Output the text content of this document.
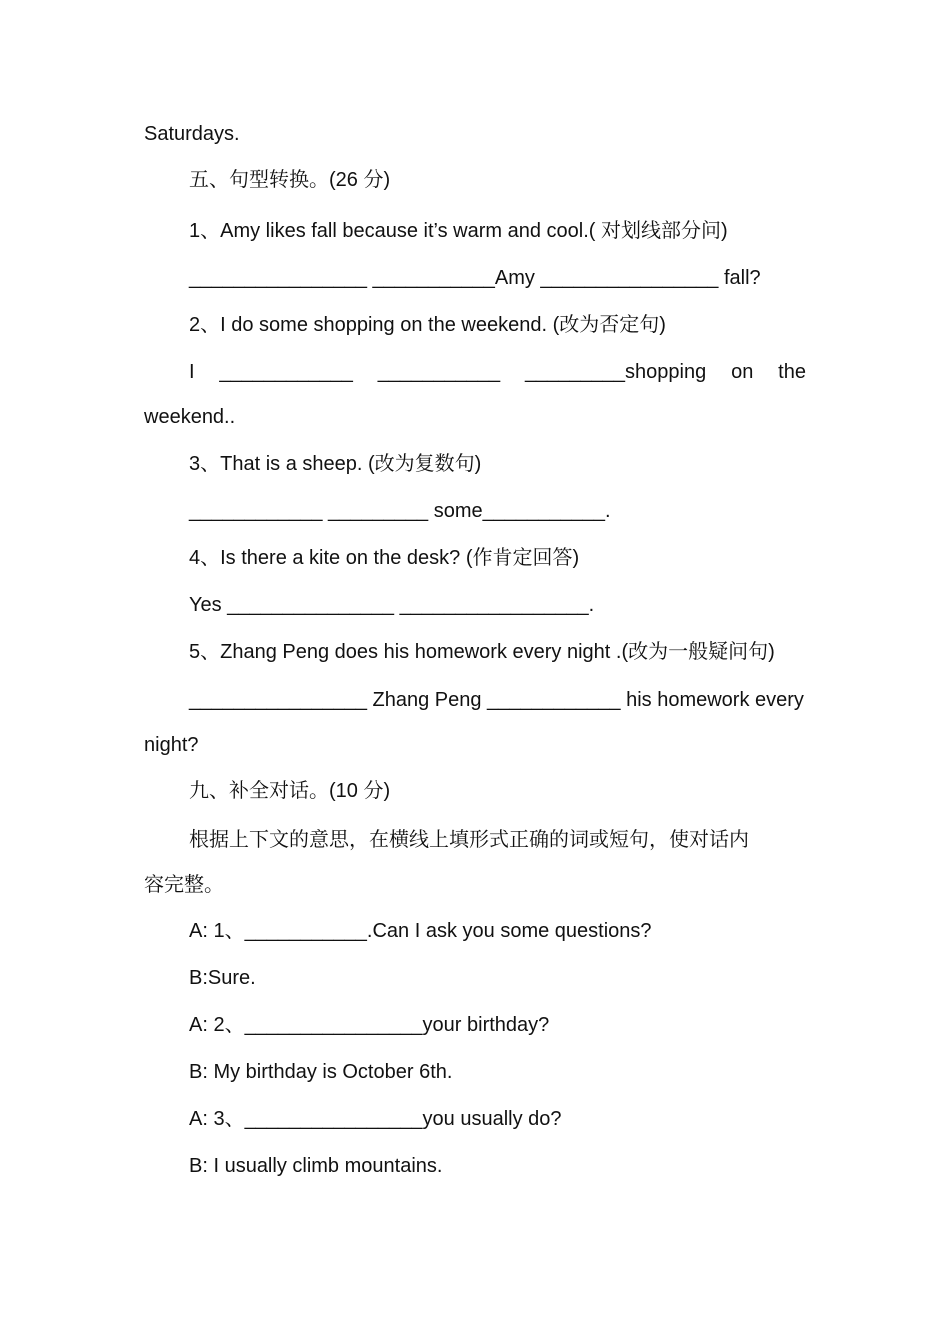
Saturdays.
五、句型转换。(26 分)
1、Amy likes fall because it’s warm and cool.( 对划线部分问)
________________ ___________Amy ________________ fall?
2、I do some shopping on the weekend. (改为否定句)
I ____________ ___________ _________shopping on the
weekend..
3、That is a sheep. (改为复数句)
____________ _________ some___________.
4、Is there a kite on the desk? (作肯定回答)
Yes _______________ _________________.
5、Zhang Peng does his homework every night .(改为一般疑问句)
________________ Zhang Peng ____________ his homework every
night?
九、补全对话。(10 分)
根据上下文的意思，在横线上填形式正确的词或短句，使对话内
容完整。
A: 1、___________.Can I ask you some questions?
B:Sure.
A: 2、________________your birthday?
B: My birthday is October 6th.
A: 3、________________you usually do?
B: I usually climb mountains.
